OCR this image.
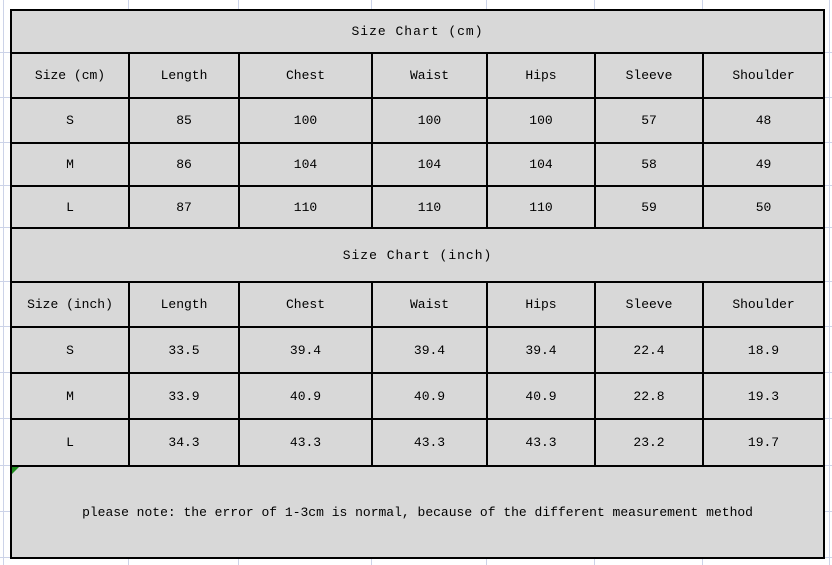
Size Chart (cm)						
Size (cm)	Length	Chest	Waist	Hips	Sleeve	Shoulder
S	85	100	100	100	57	48
M	86	104	104	104	58	49
L	87	110	110	110	59	50
Size Chart (inch)						
Size (inch)	Length	Chest	Waist	Hips	Sleeve	Shoulder
S	33.5	39.4	39.4	39.4	22.4	18.9
M	33.9	40.9	40.9	40.9	22.8	19.3
L	34.3	43.3	43.3	43.3	23.2	19.7

please note: the error of 1-3cm is normal, because of the different measurement method						
